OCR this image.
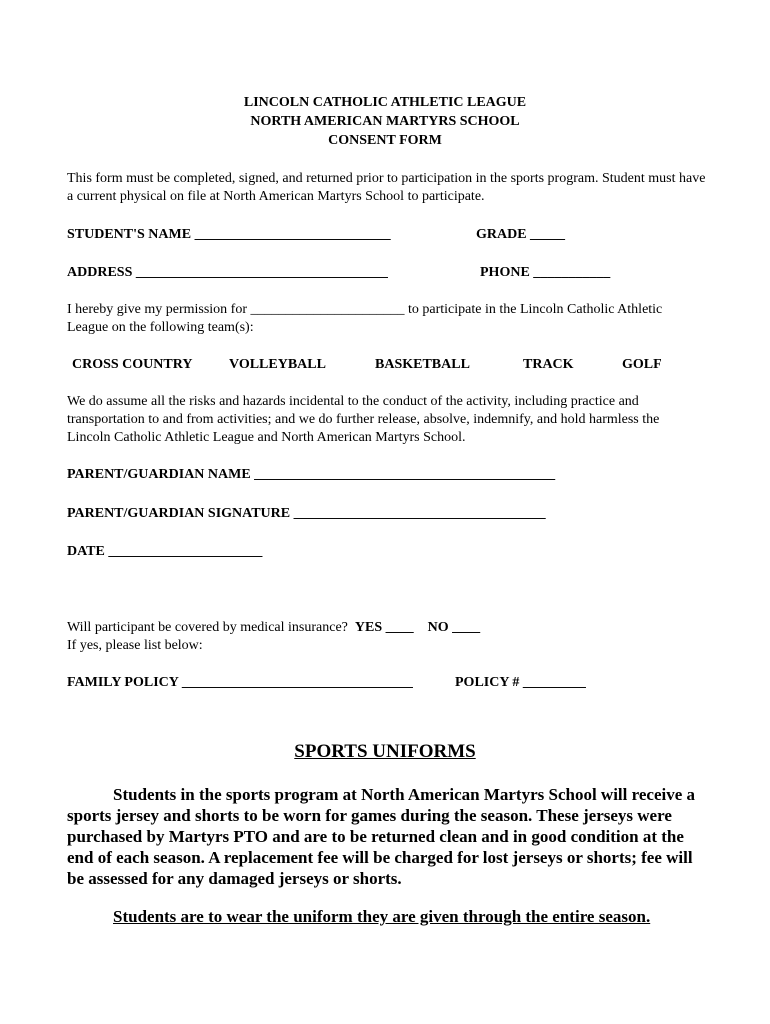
LINCOLN CATHOLIC ATHLETIC LEAGUE
NORTH AMERICAN MARTYRS SCHOOL
CONSENT FORM
This form must be completed, signed, and returned prior to participation in the sports program. Student must have a current physical on file at North American Martyrs School to participate.
STUDENT'S NAME ____________________________	GRADE _____
ADDRESS ____________________________________	PHONE ___________
I hereby give my permission for ______________________ to participate in the Lincoln Catholic Athletic League on the following team(s):
CROSS COUNTRY	VOLLEYBALL	BASKETBALL	TRACK	GOLF
We do assume all the risks and hazards incidental to the conduct of the activity, including practice and transportation to and from activities; and we do further release, absolve, indemnify, and hold harmless the Lincoln Catholic Athletic League and North American Martyrs School.
PARENT/GUARDIAN NAME ___________________________________________
PARENT/GUARDIAN SIGNATURE ____________________________________
DATE ______________________
Will participant be covered by medical insurance? YES ____ NO ____
If yes, please list below:
FAMILY POLICY _________________________________	POLICY # _________
SPORTS UNIFORMS
Students in the sports program at North American Martyrs School will receive a sports jersey and shorts to be worn for games during the season. These jerseys were purchased by Martyrs PTO and are to be returned clean and in good condition at the end of each season. A replacement fee will be charged for lost jerseys or shorts; fee will be assessed for any damaged jerseys or shorts.
Students are to wear the uniform they are given through the entire season.
